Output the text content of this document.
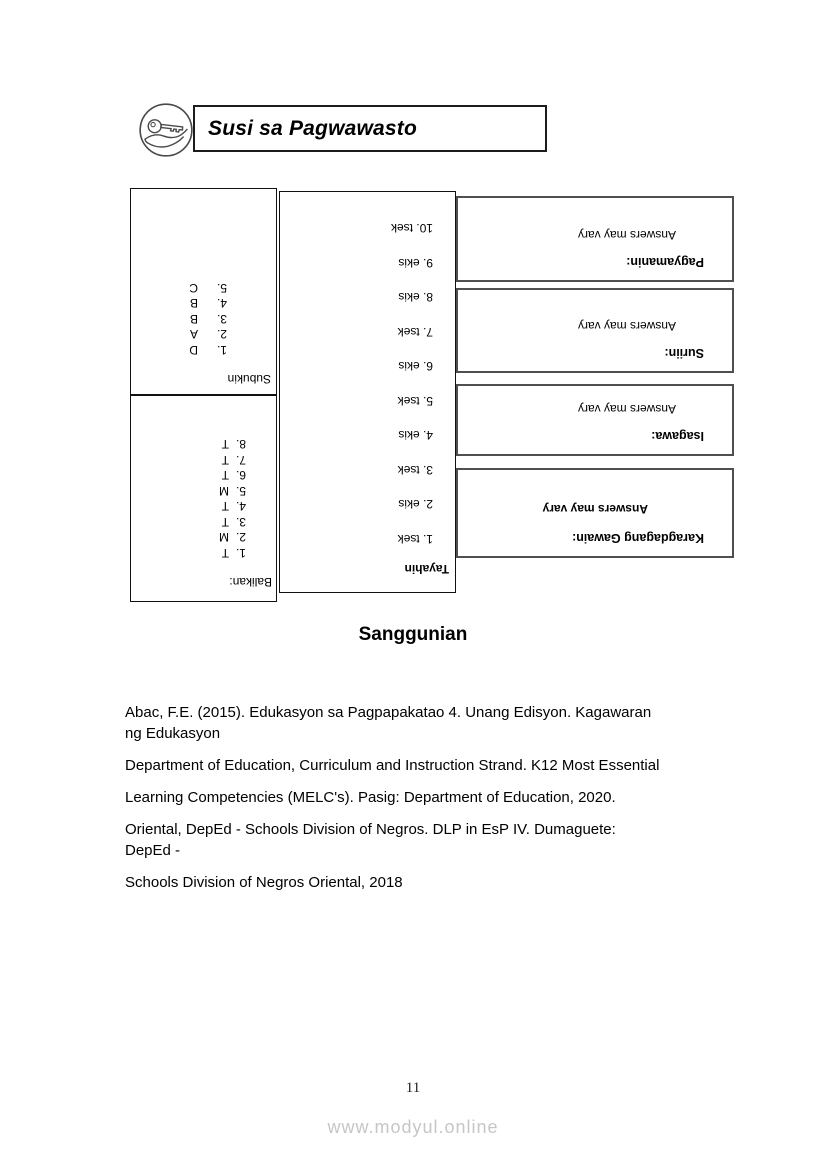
Susi sa Pagwawasto
Subukin
1.D
2.A
3.B
4.B
5.C
Balikan:
1.T
2.M
3.T
4.T
5.M
6.T
7.T
8.T
Tayahin
1. tsek
2. ekis
3. tsek
4. ekis
5. tsek
6. ekis
7. tsek
8. ekis
9. ekis
10. tsek
Pagyamanin:
Answers may vary
Suriin:
Answers may vary
Isagawa:
Answers may vary
Karagdagang Gawain:
Answers may vary
Sanggunian

Abac, F.E. (2015). Edukasyon sa Pagpapakatao 4. Unang Edisyon. Kagawaran
ng Edukasyon

Department of Education, Curriculum and Instruction Strand. K12 Most Essential

Learning Competencies (MELC's). Pasig: Department of Education, 2020.

Oriental, DepEd - Schools Division of Negros. DLP in EsP IV. Dumaguete:
DepEd -

Schools Division of Negros Oriental, 2018

11
www.modyul.online
